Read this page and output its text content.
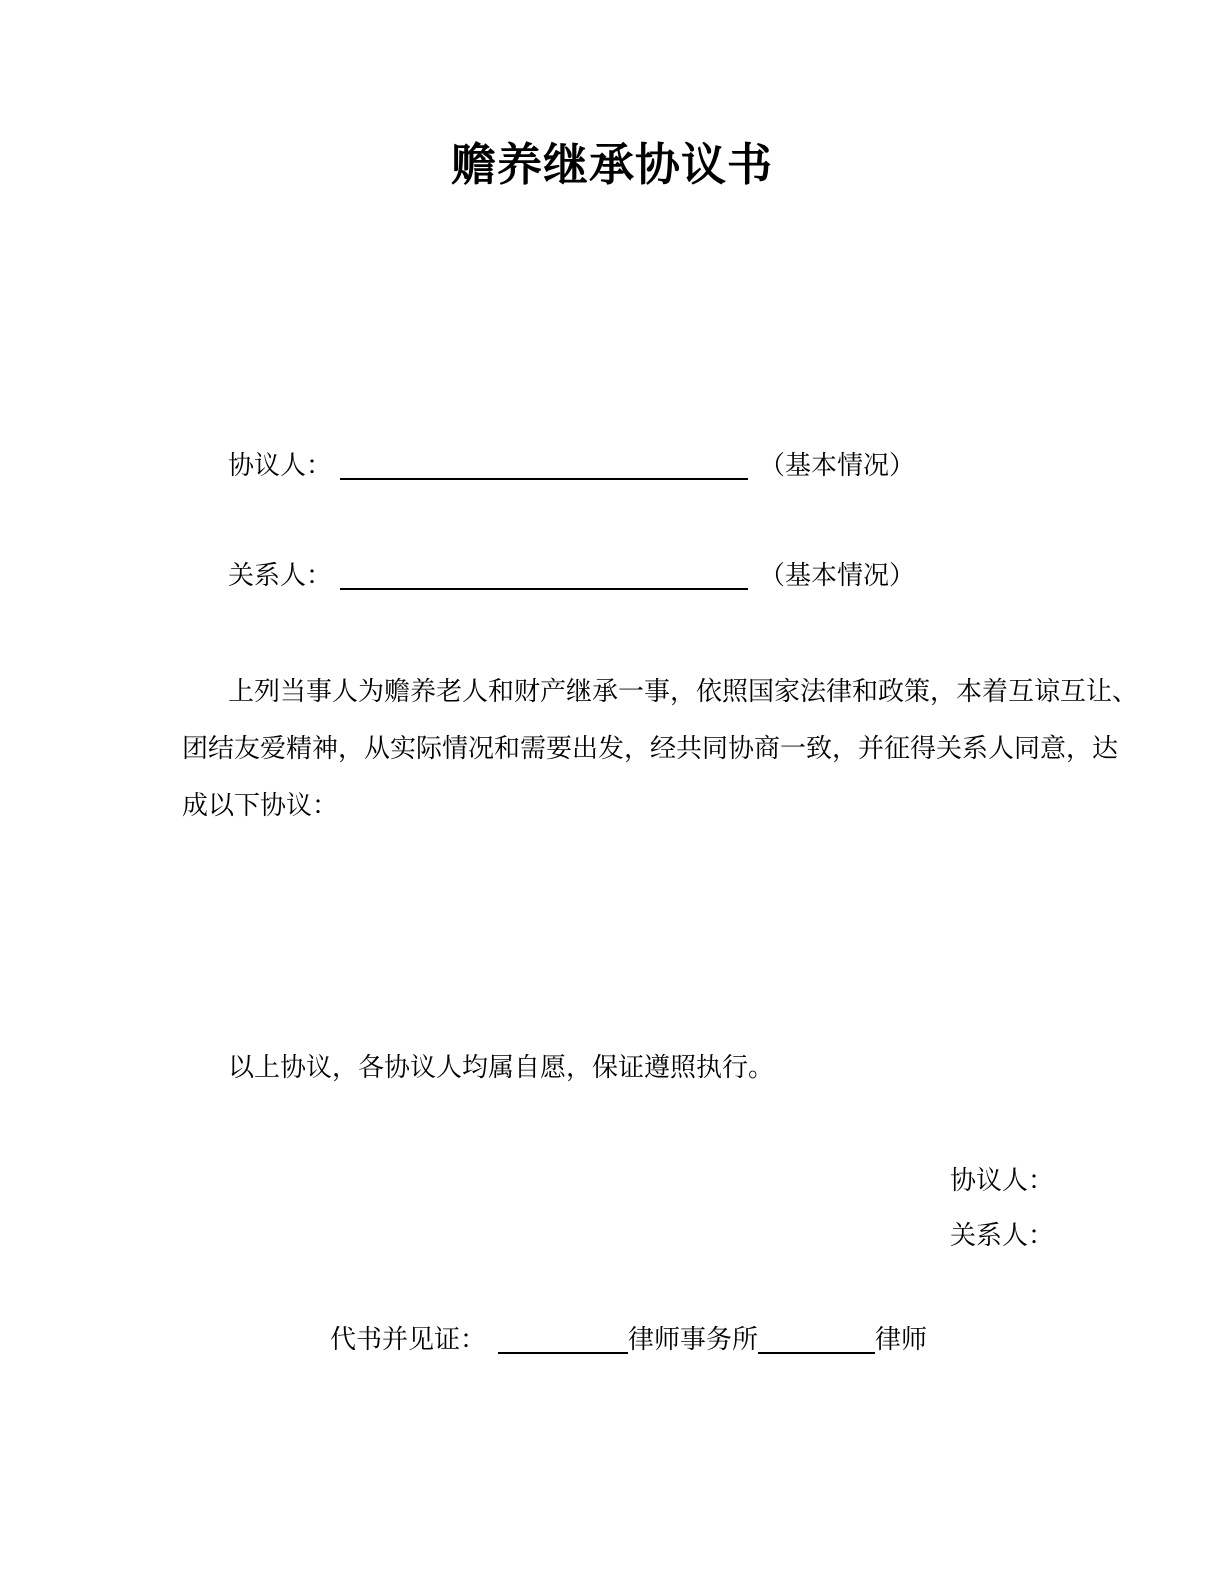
赡养继承协议书
协议人：	（基本情况）
关系人：	（基本情况）
上列当事人为赡养老人和财产继承一事，依照国家法律和政策，本着互谅互让、
团结友爱精神，从实际情况和需要出发，经共同协商一致，并征得关系人同意，达
成以下协议：
以上协议，各协议人均属自愿，保证遵照执行。
协议人：
关系人：
代书并见证：	律师事务所	律师
